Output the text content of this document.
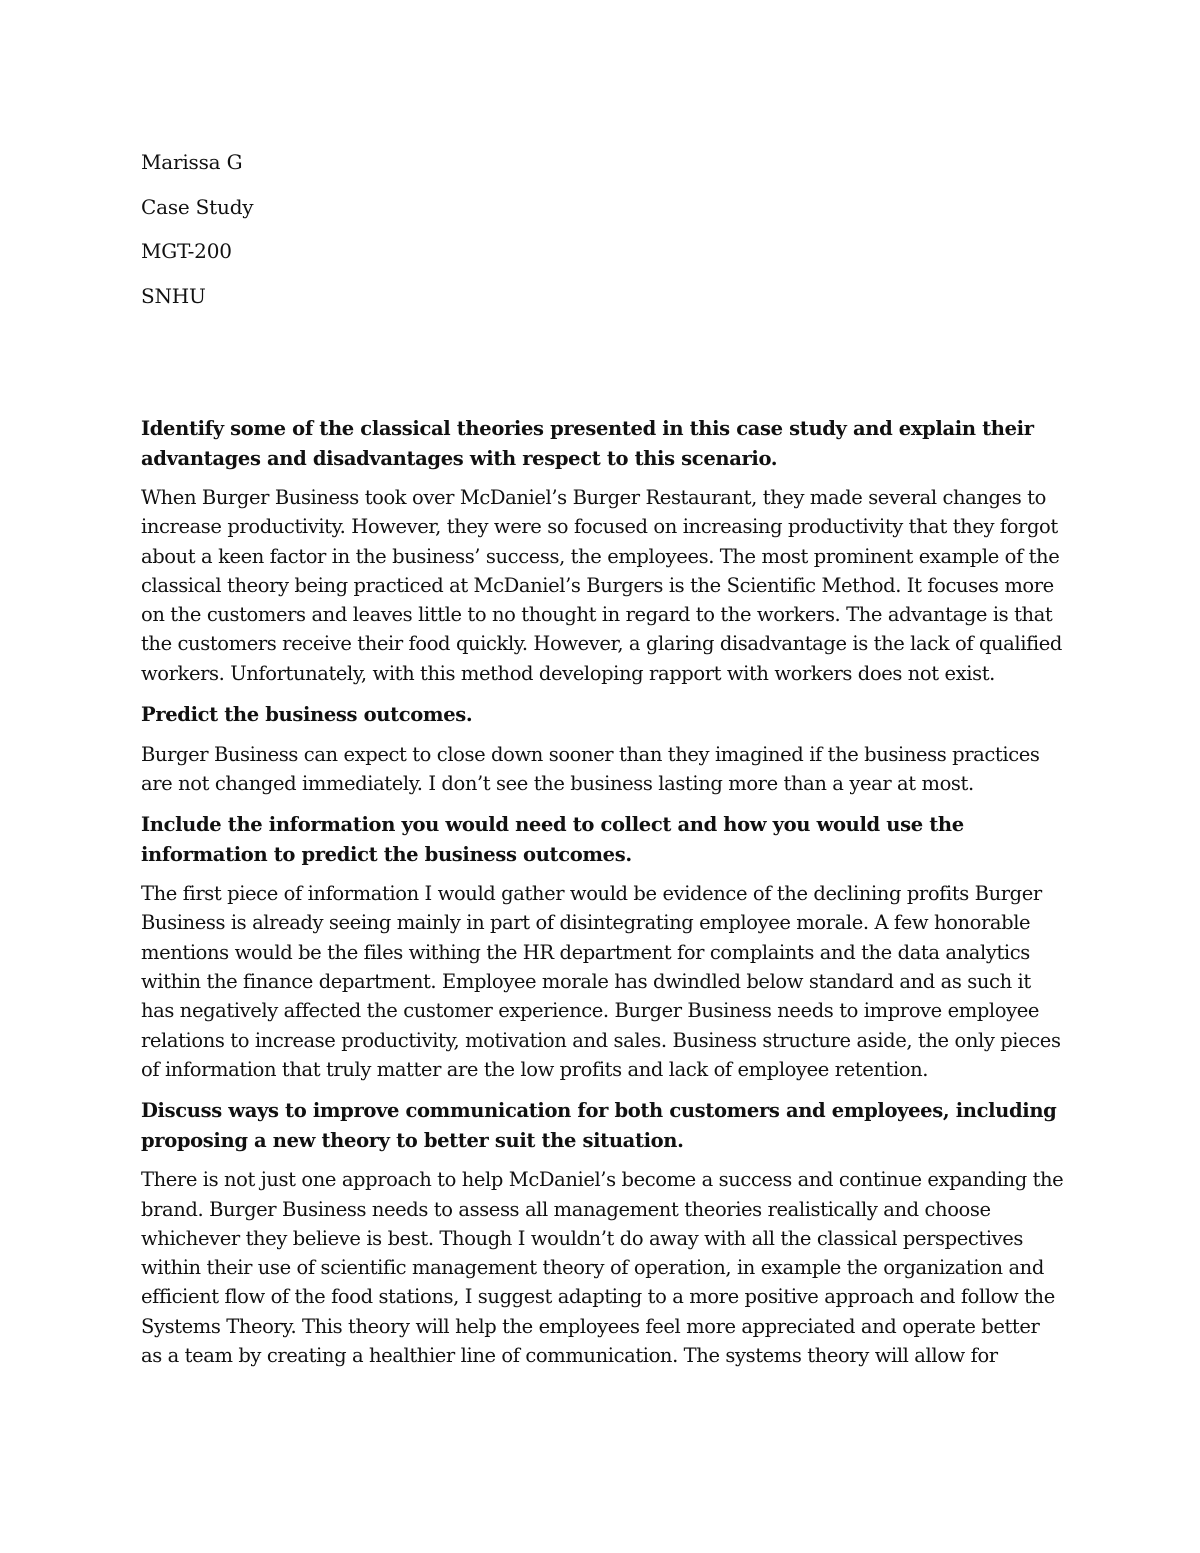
Marissa G
Case Study
MGT-200
SNHU

Identify some of the classical theories presented in this case study and explain their advantages and disadvantages with respect to this scenario.

When Burger Business took over McDaniel’s Burger Restaurant, they made several changes to increase productivity. However, they were so focused on increasing productivity that they forgot about a keen factor in the business’ success, the employees. The most prominent example of the classical theory being practiced at McDaniel’s Burgers is the Scientific Method. It focuses more on the customers and leaves little to no thought in regard to the workers. The advantage is that the customers receive their food quickly. However, a glaring disadvantage is the lack of qualified workers. Unfortunately, with this method developing rapport with workers does not exist.

Predict the business outcomes.

Burger Business can expect to close down sooner than they imagined if the business practices are not changed immediately. I don’t see the business lasting more than a year at most.

Include the information you would need to collect and how you would use the information to predict the business outcomes.

The first piece of information I would gather would be evidence of the declining profits Burger Business is already seeing mainly in part of disintegrating employee morale. A few honorable mentions would be the files withing the HR department for complaints and the data analytics within the finance department. Employee morale has dwindled below standard and as such it has negatively affected the customer experience. Burger Business needs to improve employee relations to increase productivity, motivation and sales. Business structure aside, the only pieces of information that truly matter are the low profits and lack of employee retention.

Discuss ways to improve communication for both customers and employees, including proposing a new theory to better suit the situation.

There is not just one approach to help McDaniel’s become a success and continue expanding the brand. Burger Business needs to assess all management theories realistically and choose whichever they believe is best. Though I wouldn’t do away with all the classical perspectives within their use of scientific management theory of operation, in example the organization and efficient flow of the food stations, I suggest adapting to a more positive approach and follow the Systems Theory. This theory will help the employees feel more appreciated and operate better as a team by creating a healthier line of communication. The systems theory will allow for
